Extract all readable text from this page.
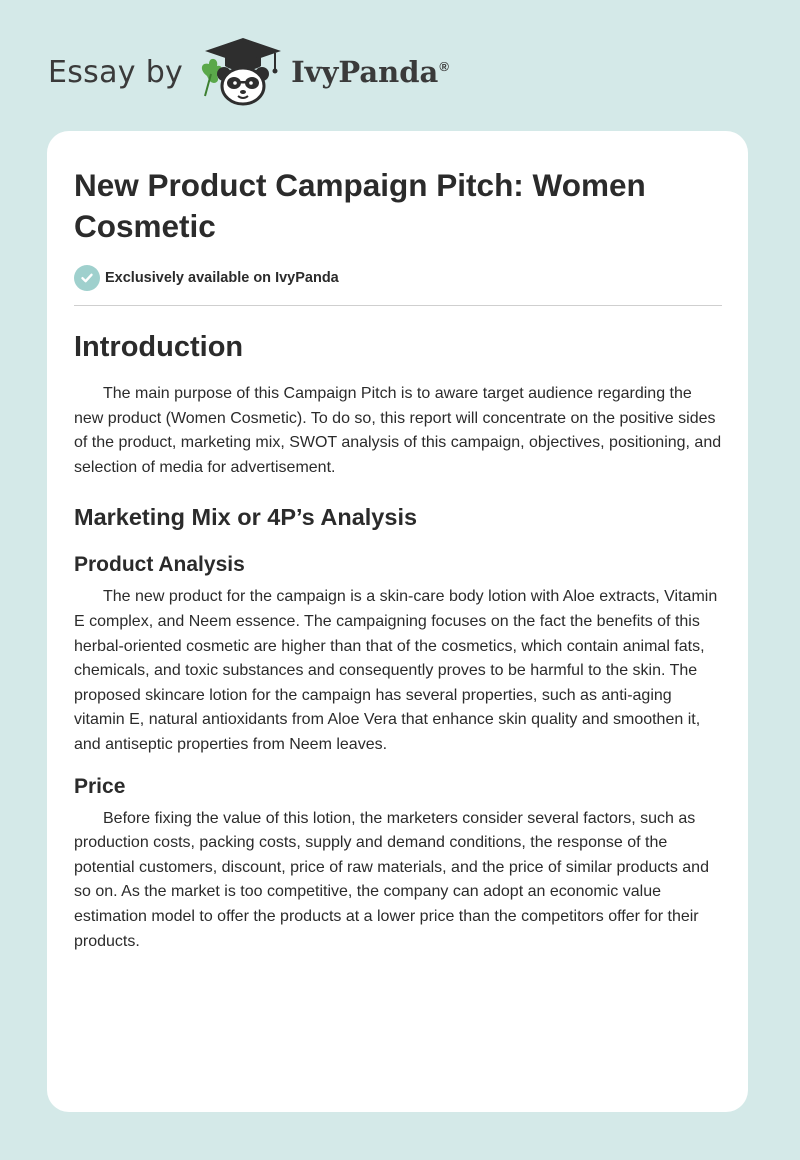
Essay by	IvyPanda®
New Product Campaign Pitch: Women Cosmetic
Exclusively available on IvyPanda
Introduction

The main purpose of this Campaign Pitch is to aware target audience regarding the new product (Women Cosmetic). To do so, this report will concentrate on the positive sides of the product, marketing mix, SWOT analysis of this campaign, objectives, positioning, and selection of media for advertisement.

Marketing Mix or 4P’s Analysis
Product Analysis

The new product for the campaign is a skin-care body lotion with Aloe extracts, Vitamin E complex, and Neem essence. The campaigning focuses on the fact the benefits of this herbal-oriented cosmetic are higher than that of the cosmetics, which contain animal fats, chemicals, and toxic substances and consequently proves to be harmful to the skin. The proposed skincare lotion for the campaign has several properties, such as anti-aging vitamin E, natural antioxidants from Aloe Vera that enhance skin quality and smoothen it, and antiseptic properties from Neem leaves.

Price

Before fixing the value of this lotion, the marketers consider several factors, such as production costs, packing costs, supply and demand conditions, the response of the potential customers, discount, price of raw materials, and the price of similar products and so on. As the market is too competitive, the company can adopt an economic value estimation model to offer the products at a lower price than the competitors offer for their products.
